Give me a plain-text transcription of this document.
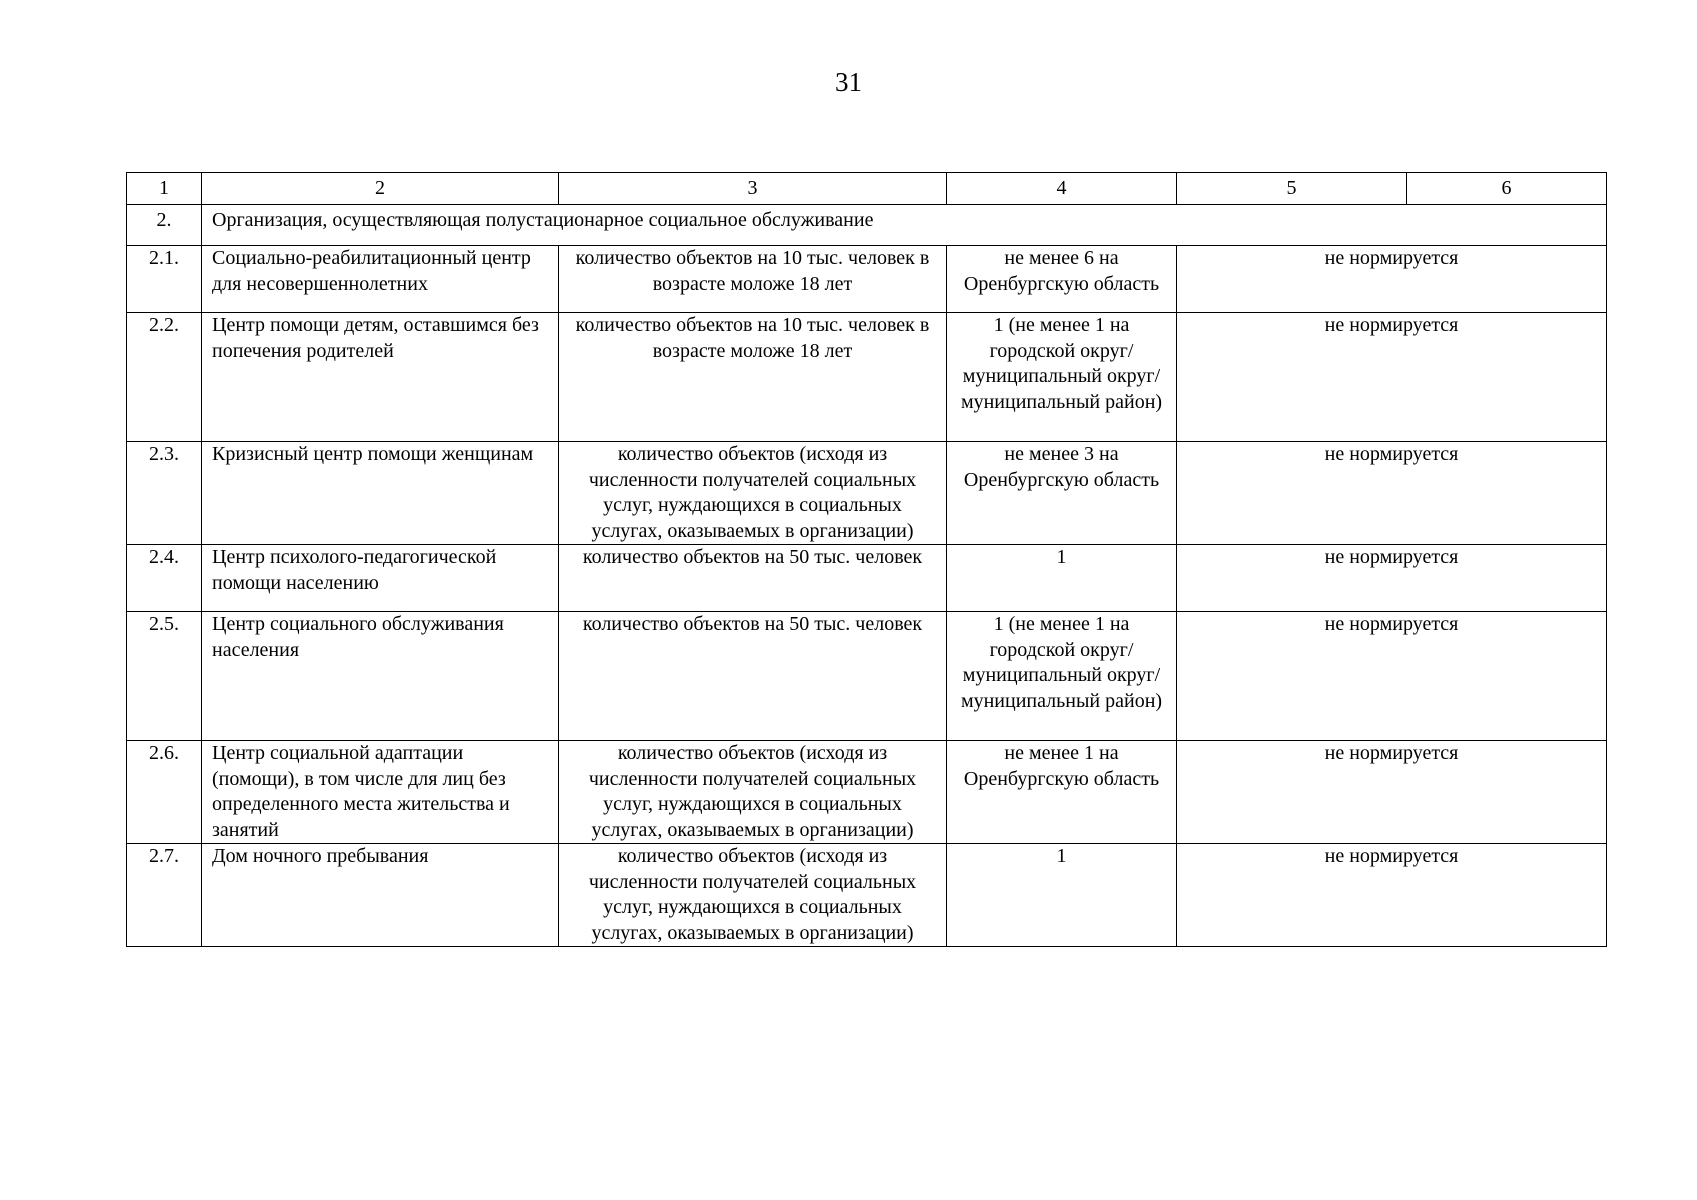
31
1	2	3	4	5	6
2.	Организация, осуществляющая полустационарное социальное обслуживание				
2.1.	Социально-реабилитационный центр для несовершеннолетних	количество объектов на 10 тыс. человек в возрасте моложе 18 лет	не менее 6 на Оренбургскую область	не нормируется	
2.2.	Центр помощи детям, оставшимся без попечения родителей	количество объектов на 10 тыс. человек в возрасте моложе 18 лет	1 (не менее 1 на городской округ/муниципальный округ/муниципальный район)	не нормируется	
2.3.	Кризисный центр помощи женщинам	количество объектов (исходя из численности получателей социальных услуг, нуждающихся в социальных услугах, оказываемых в организации)	не менее 3 на Оренбургскую область	не нормируется	
2.4.	Центр психолого-педагогической помощи населению	количество объектов на 50 тыс. человек	1	не нормируется	
2.5.	Центр социального обслуживания населения	количество объектов на 50 тыс. человек	1 (не менее 1 на городской округ/муниципальный округ/муниципальный район)	не нормируется	
2.6.	Центр социальной адаптации (помощи), в том числе для лиц без определенного места жительства и занятий	количество объектов (исходя из численности получателей социальных услуг, нуждающихся в социальных услугах, оказываемых в организации)	не менее 1 на Оренбургскую область	не нормируется	
2.7.	Дом ночного пребывания	количество объектов (исходя из численности получателей социальных услуг, нуждающихся в социальных услугах, оказываемых в организации)	1	не нормируется	
